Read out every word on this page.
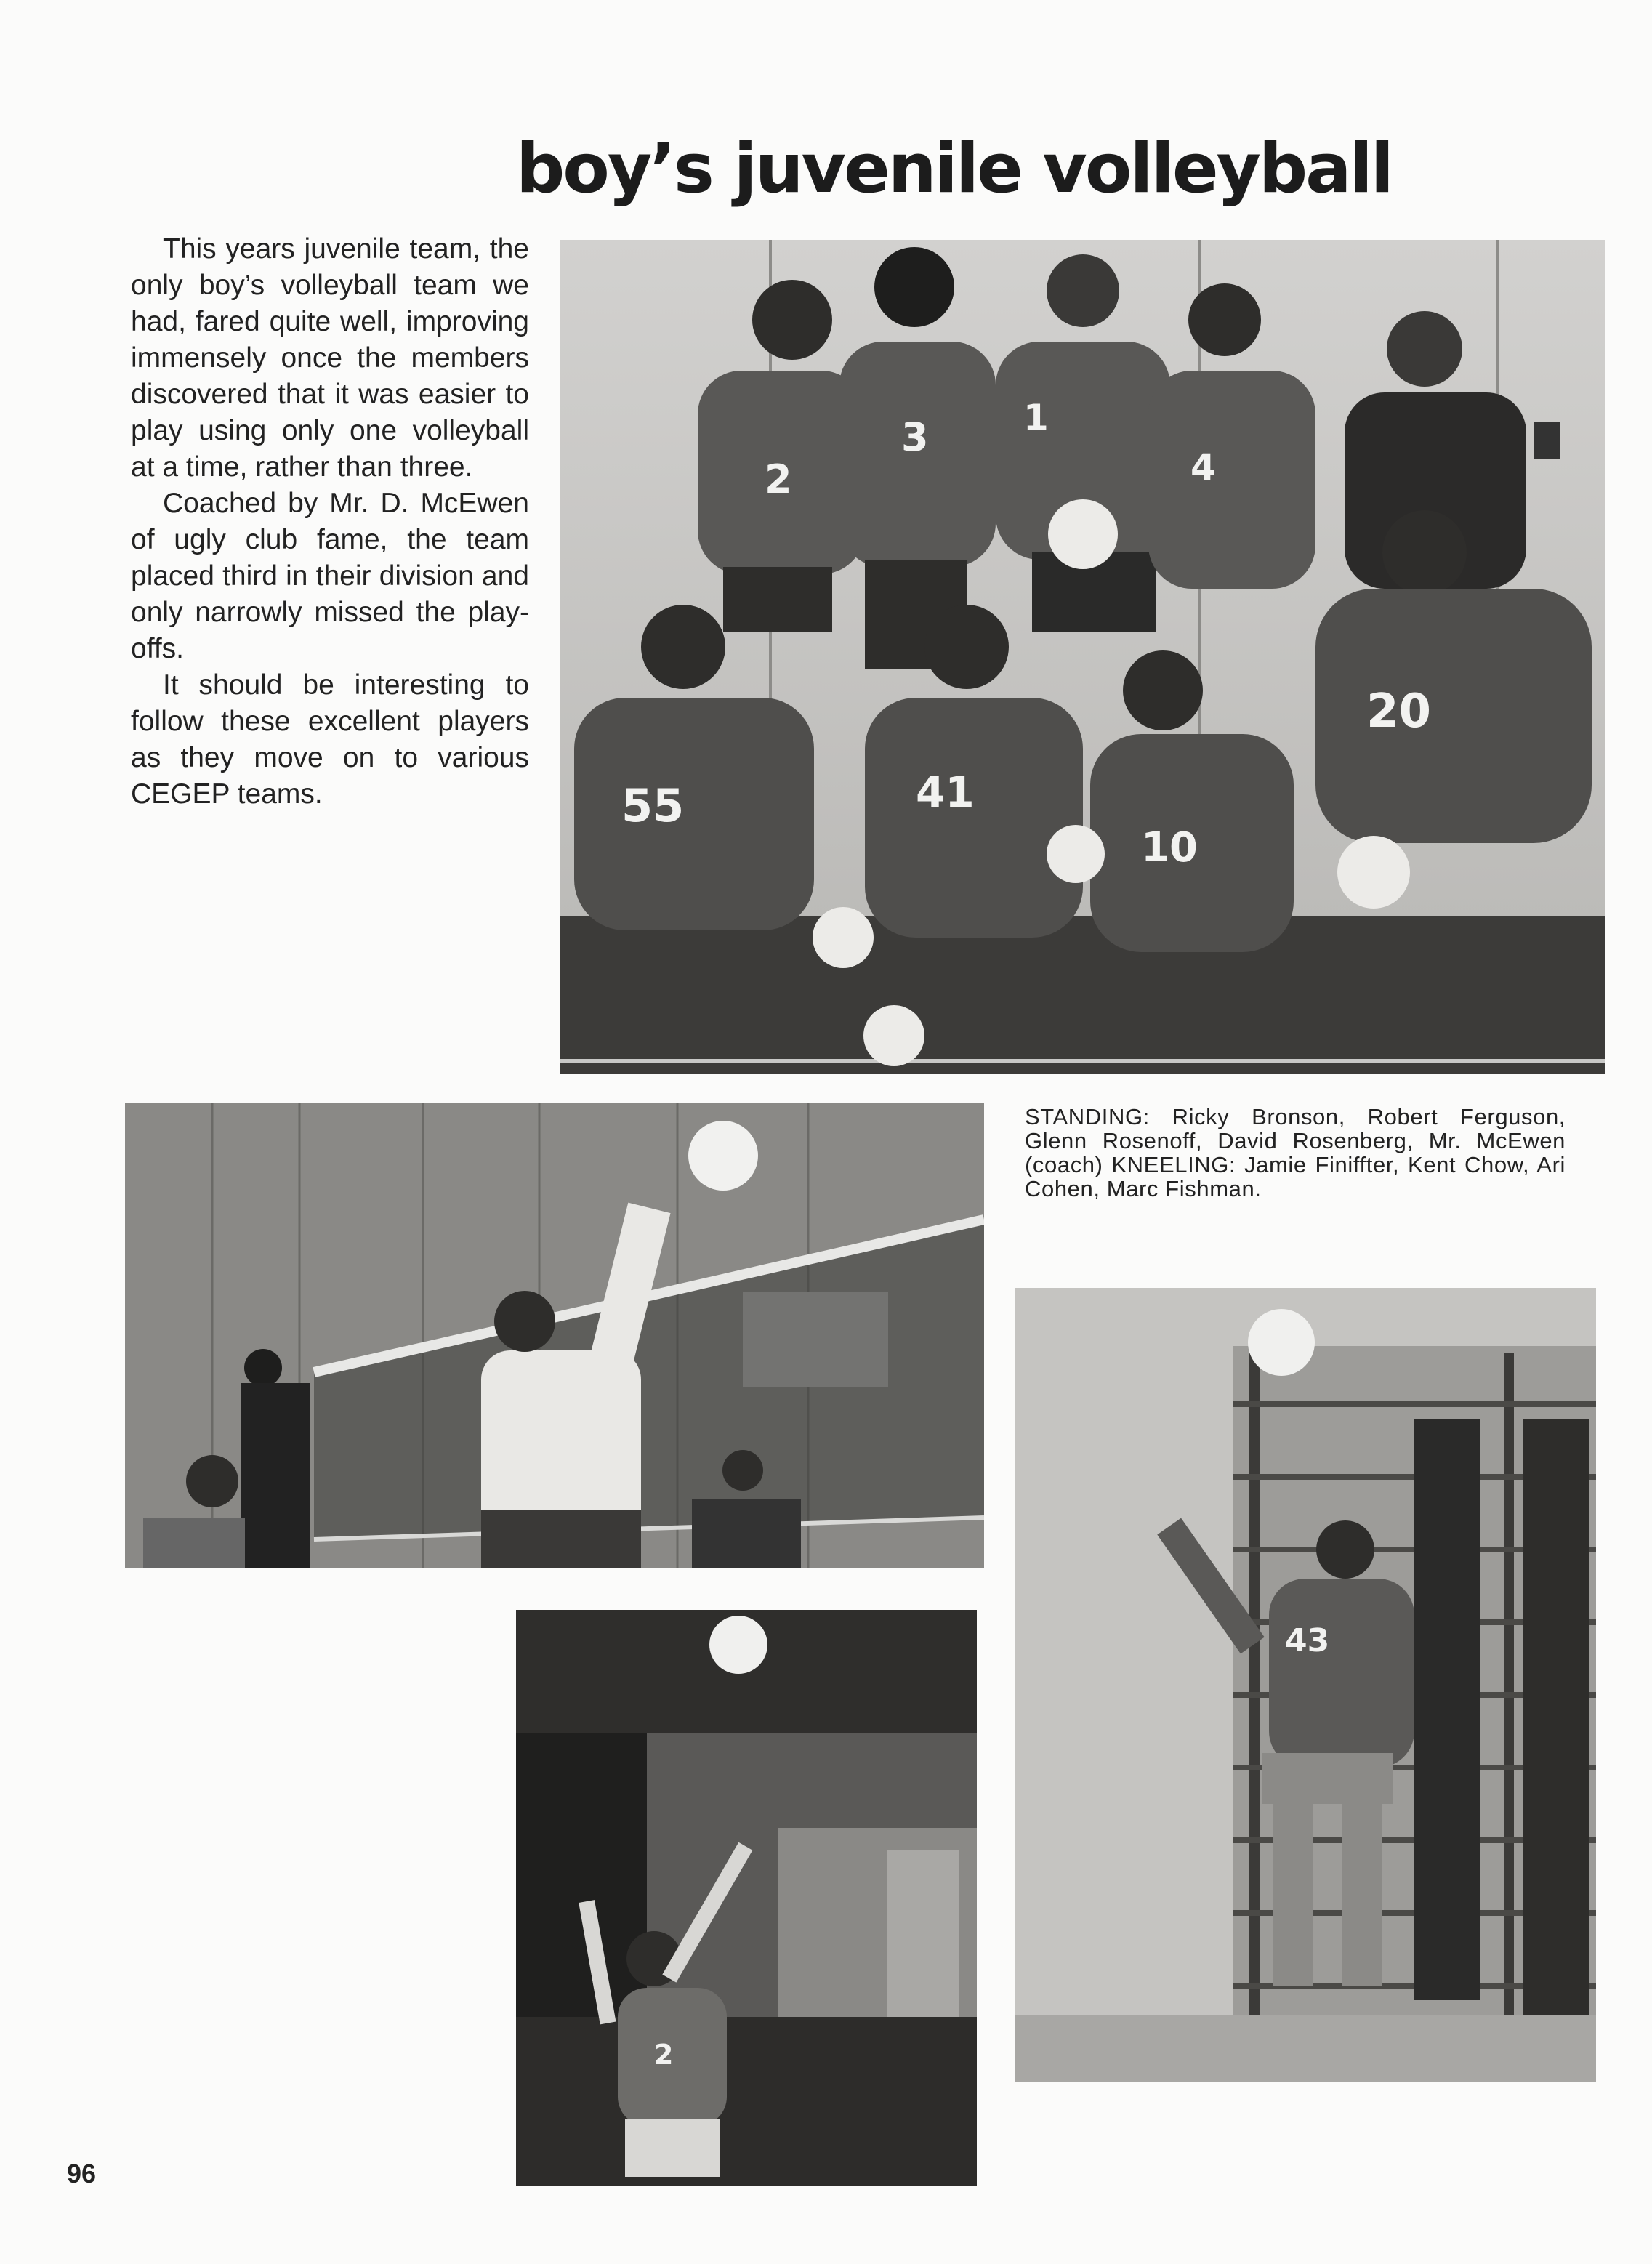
boy’s juvenile volleyball

This years juvenile team, the only boy’s volleyball team we had, fared quite well, improving immensely once the members discovered that it was easier to play using only one volleyball at a time, rather than three.

Coached by Mr. D. McEwen of ugly club fame, the team placed third in their division and only narrowly missed the play-offs.

It should be interesting to follow these excellent players as they move on to various CEGEP teams.

2
3	1
4
55	41
10
20
STANDING: Ricky Bronson, Robert Ferguson, Glenn Rosenoff, David Rosenberg, Mr. McEwen (coach) KNEELING: Jamie Finiffter, Kent Chow, Ari Cohen, Marc Fishman.
43
2
96
